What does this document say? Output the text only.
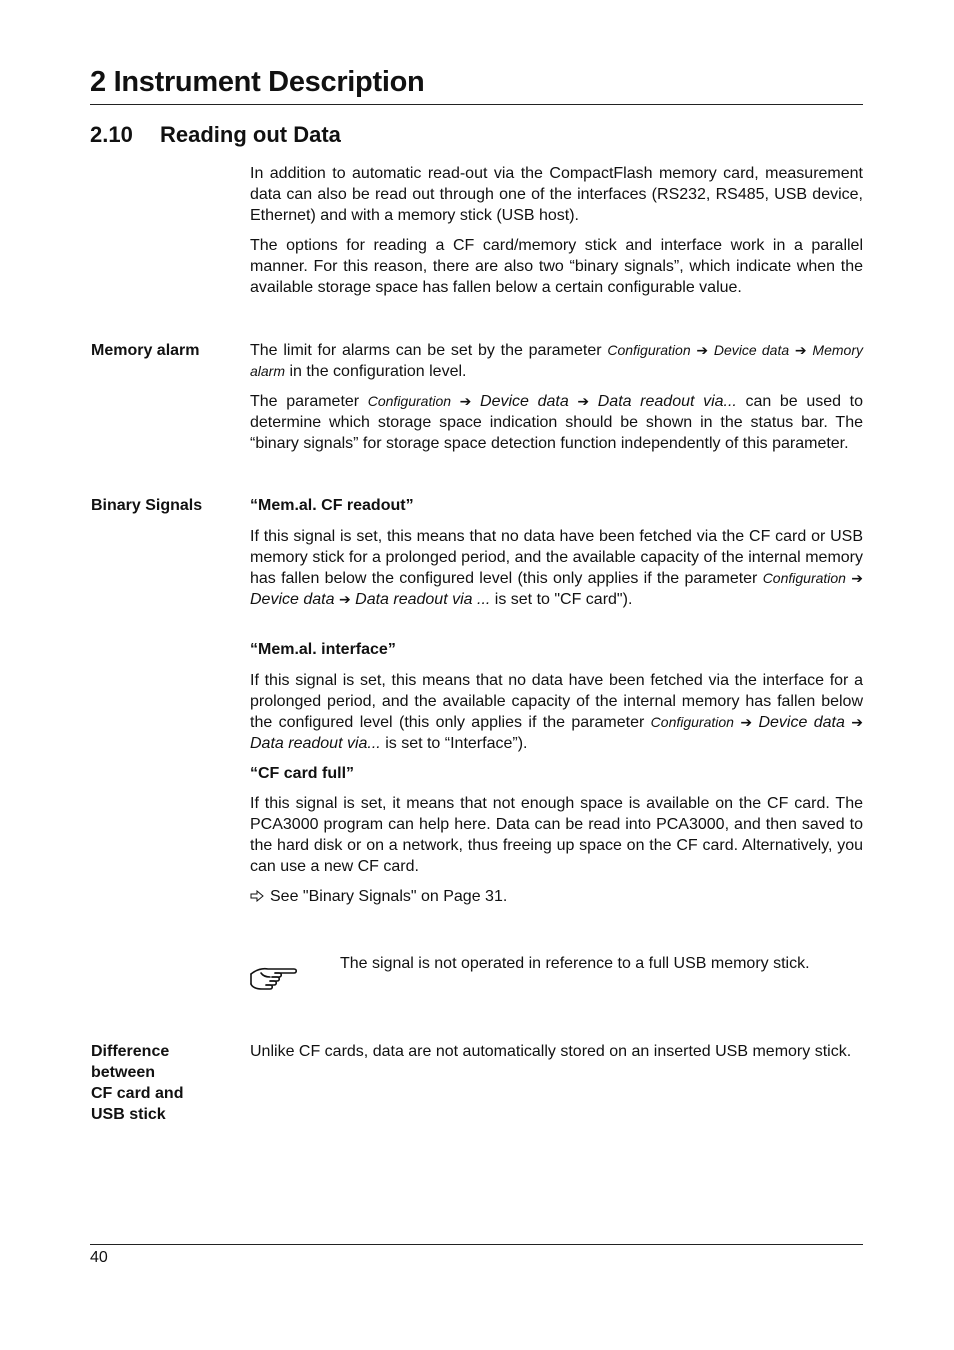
2 Instrument Description
2.10 Reading out Data
In addition to automatic read-out via the CompactFlash memory card, measurement data can also be read out through one of the interfaces (RS232, RS485, USB device, Ethernet) and with a memory stick (USB host).
The options for reading a CF card/memory stick and interface work in a parallel manner. For this reason, there are also two “binary signals”, which indicate when the available storage space has fallen below a certain configurable value.
Memory alarm	The limit for alarms can be set by the parameter Configuration ➔ Device data ➔ Memory alarm in the configuration level.
The parameter Configuration ➔ Device data ➔ Data readout via... can be used to determine which storage space indication should be shown in the status bar. The “binary signals” for storage space detection function independently of this parameter.
Binary Signals	“Mem.al. CF readout”
If this signal is set, this means that no data have been fetched via the CF card or USB memory stick for a prolonged period, and the available capacity of the internal memory has fallen below the configured level (this only applies if the parameter Configuration ➔ Device data ➔ Data readout via ... is set to "CF card").
“Mem.al. interface”
If this signal is set, this means that no data have been fetched via the interface for a prolonged period, and the available capacity of the internal memory has fallen below the configured level (this only applies if the parameter Configuration ➔ Device data ➔ Data readout via... is set to “Interface”).
“CF card full”
If this signal is set, it means that not enough space is available on the CF card. The PCA3000 program can help here. Data can be read into PCA3000, and then saved to the hard disk or on a network, thus freeing up space on the CF card. Alternatively, you can use a new CF card.
See "Binary Signals" on Page 31.
The signal is not operated in reference to a full USB memory stick.
Difference
between
CF card and
USB stick
Unlike CF cards, data are not automatically stored on an inserted USB memory stick.
40
